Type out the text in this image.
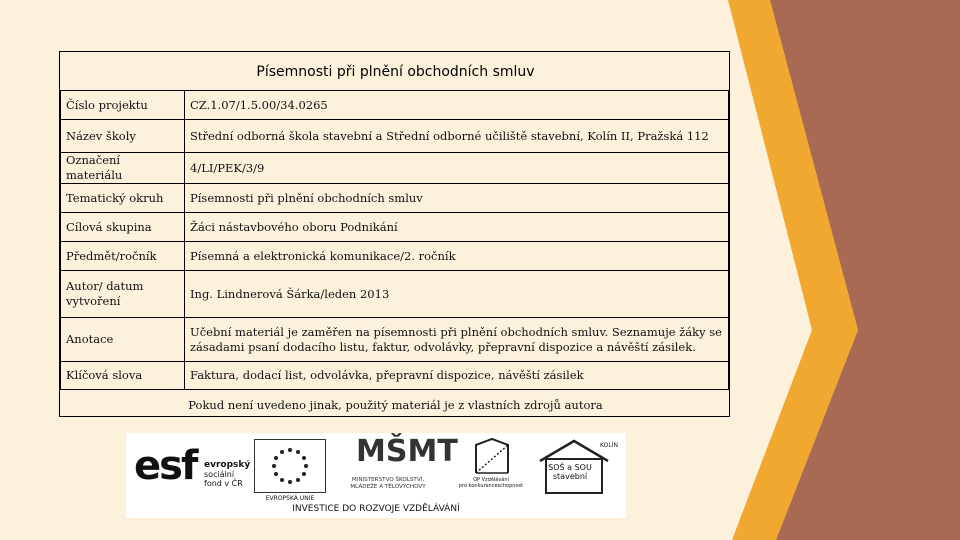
Písemnosti při plnění obchodních smluv
Číslo projektu	CZ.1.07/1.5.00/34.0265
Název školy	Střední odborná škola stavební a Střední odborné učiliště stavební, Kolín II, Pražská 112
Označení materiálu	4/LI/PEK/3/9
Tematický okruh	Písemnosti při plnění obchodních smluv
Cílová skupina	Žáci nástavbového oboru Podnikání
Předmět/ročník	Písemná a elektronická komunikace/2. ročník
Autor/ datum vytvoření	Ing. Lindnerová Šárka/leden 2013
Anotace	Učební materiál je zaměřen na písemnosti při plnění obchodních smluv. Seznamuje žáky se zásadami psaní dodacího listu, faktur, odvolávky, přepravní dispozice a návěští zásilek.
Klíčová slova	Faktura, dodací list, odvolávka, přepravní dispozice, návěští zásilek
Pokud není uvedeno jinak, použitý materiál je z vlastních zdrojů autora
esf evropský
sociální
fond v ČR
EVROPSKÁ UNIE
MŠMT
MINISTERSTVO ŠKOLSTVÍ,
MLÁDEŽE A TĚLOVÝCHOVY
OP Vzdělávání
pro konkurenceschopnost
KOLÍN
SOŠ a SOU
stavební
INVESTICE DO ROZVOJE VZDĚLÁVÁNÍ
